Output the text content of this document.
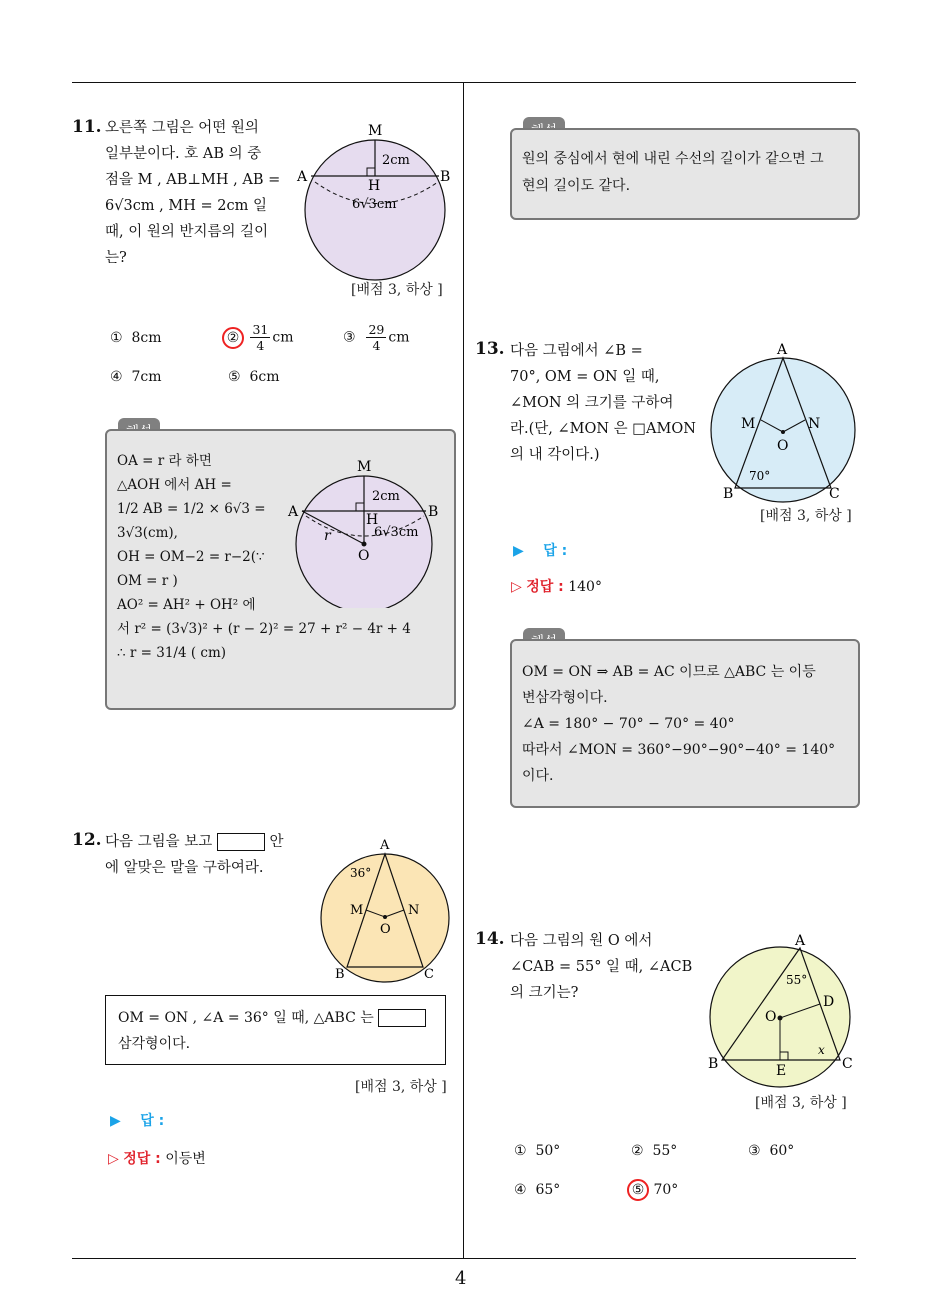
4
11. 오른쪽 그림은 어떤 원의
일부분이다. 호 AB 의 중
점을 M , AB⊥MH , AB =
6√3cm , MH = 2cm 일
때, 이 원의 반지름의 길이
는?
M
A	B
H
2cm
6√3cm
[배점 3, 하상 ]
① 8cm	② $\frac{31}{4}$ cm	③ $\frac{29}{4}$ cm
④ 7cm	⑤ 6cm
OA = r 라 하면
△AOH 에서 AH =
1/2 AB = 1/2 × 6√3 =
3√3(cm),
OH = OM−2 = r−2(∵
OM = r )
AO² = AH² + OH² 에
서 r² = (3√3)² + (r − 2)² = 27 + r² − 4r + 4
∴ r = 31/4 ( cm)
M
A	B
H
O
r
2cm
6√3cm
12. 다음 그림을 보고	안
에 알맞은 말을 구하여라.
A
B	C
M	N
O
36°
OM = ON , ∠A = 36° 일 때, △ABC 는
삼각형이다.
[배점 3, 하상 ]
▶ 답 :
▷ 정답 : 이등변
원의 중심에서 현에 내린 수선의 길이가 같으면 그
현의 길이도 같다.
13. 다음 그림에서 ∠B =
70°, OM = ON 일 때,
∠MON 의 크기를 구하여
라.(단, ∠MON 은 □AMON
의 내 각이다.)
A
B	C
M	N
O
70°
[배점 3, 하상 ]
▶ 답 :
▷ 정답 : 140°
OM = ON ⇒ AB = AC 이므로 △ABC 는 이등
변삼각형이다.
∠A = 180° − 70° − 70° = 40°
따라서 ∠MON = 360°−90°−90°−40° = 140°
이다.
14. 다음 그림의 원 O 에서
∠CAB = 55° 일 때, ∠ACB
의 크기는?
A
B	C
D
E
O
55°
x
[배점 3, 하상 ]
① 50°	② 55°	③ 60°
④ 65°	⑤ 70°
